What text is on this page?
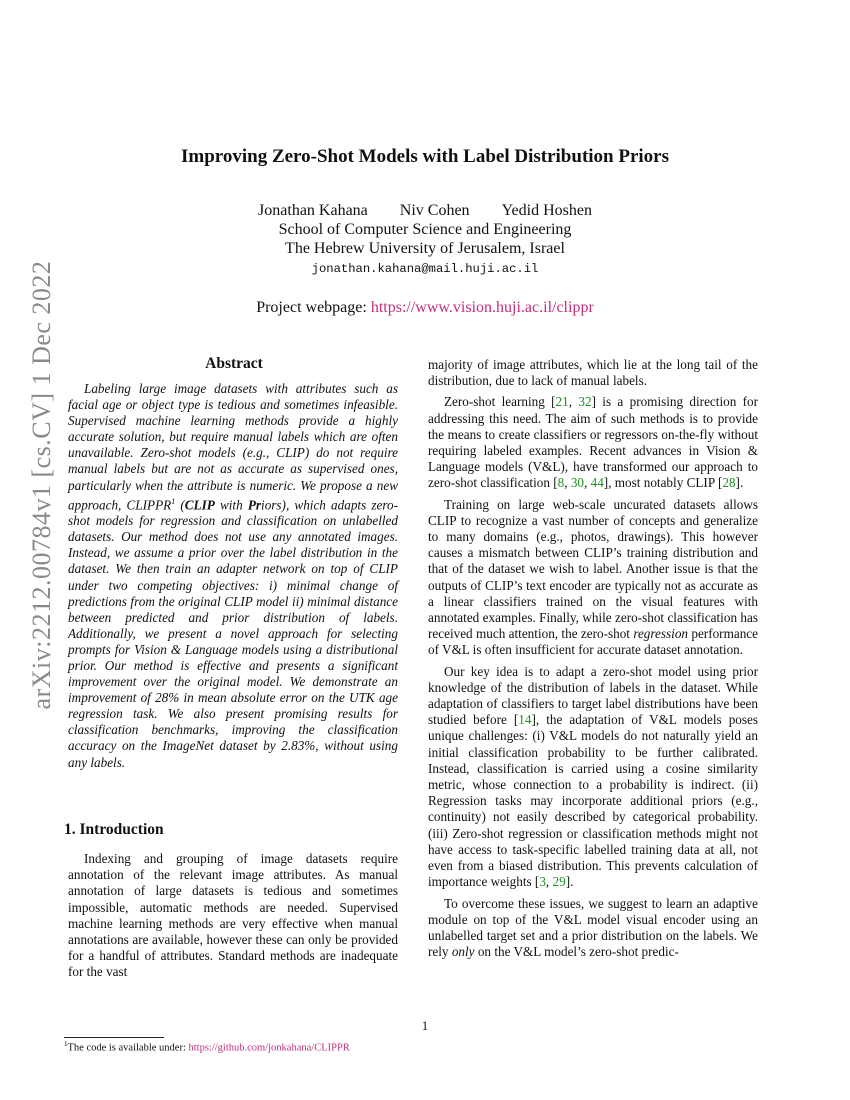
arXiv:2212.00784v1 [cs.CV] 1 Dec 2022
Improving Zero-Shot Models with Label Distribution Priors
Jonathan Kahana Niv Cohen Yedid Hoshen
School of Computer Science and Engineering
The Hebrew University of Jerusalem, Israel
jonathan.kahana@mail.huji.ac.il
Project webpage: https://www.vision.huji.ac.il/clippr
Abstract

Labeling large image datasets with attributes such as facial age or object type is tedious and sometimes infeasible. Supervised machine learning methods provide a highly accurate solution, but require manual labels which are often unavailable. Zero-shot models (e.g., CLIP) do not require manual labels but are not as accurate as supervised ones, particularly when the attribute is numeric. We propose a new approach, CLIPPR$^1$ (CLIP with Priors), which adapts zero-shot models for regression and classification on unlabelled datasets. Our method does not use any annotated images. Instead, we assume a prior over the label distribution in the dataset. We then train an adapter network on top of CLIP under two competing objectives: i) minimal change of predictions from the original CLIP model ii) minimal distance between predicted and prior distribution of labels. Additionally, we present a novel approach for selecting prompts for Vision & Language models using a distributional prior. Our method is effective and presents a significant improvement over the original model. We demonstrate an improvement of 28% in mean absolute error on the UTK age regression task. We also present promising results for classification benchmarks, improving the classification accuracy on the ImageNet dataset by 2.83%, without using any labels.

1. Introduction

Indexing and grouping of image datasets require annotation of the relevant image attributes. As manual annotation of large datasets is tedious and sometimes impossible, automatic methods are needed. Supervised machine learning methods are very effective when manual annotations are available, however these can only be provided for a handful of attributes. Standard methods are inadequate for the vast

majority of image attributes, which lie at the long tail of the distribution, due to lack of manual labels.

Zero-shot learning [21, 32] is a promising direction for addressing this need. The aim of such methods is to provide the means to create classifiers or regressors on-the-fly without requiring labeled examples. Recent advances in Vision & Language models (V&L), have transformed our approach to zero-shot classification [8, 30, 44], most notably CLIP [28].

Training on large web-scale uncurated datasets allows CLIP to recognize a vast number of concepts and generalize to many domains (e.g., photos, drawings). This however causes a mismatch between CLIP’s training distribution and that of the dataset we wish to label. Another issue is that the outputs of CLIP’s text encoder are typically not as accurate as a linear classifiers trained on the visual features with annotated examples. Finally, while zero-shot classification has received much attention, the zero-shot regression performance of V&L is often insufficient for accurate dataset annotation.

Our key idea is to adapt a zero-shot model using prior knowledge of the distribution of labels in the dataset. While adaptation of classifiers to target label distributions have been studied before [14], the adaptation of V&L models poses unique challenges: (i) V&L models do not naturally yield an initial classification probability to be further calibrated. Instead, classification is carried using a cosine similarity metric, whose connection to a probability is indirect. (ii) Regression tasks may incorporate additional priors (e.g., continuity) not easily described by categorical probability. (iii) Zero-shot regression or classification methods might not have access to task-specific labelled training data at all, not even from a biased distribution. This prevents calculation of importance weights [3, 29].

To overcome these issues, we suggest to learn an adaptive module on top of the V&L model visual encoder using an unlabelled target set and a prior distribution on the labels. We rely only on the V&L model’s zero-shot predic-

$^1$The code is available under: https://github.com/jonkahana/CLIPPR
1
